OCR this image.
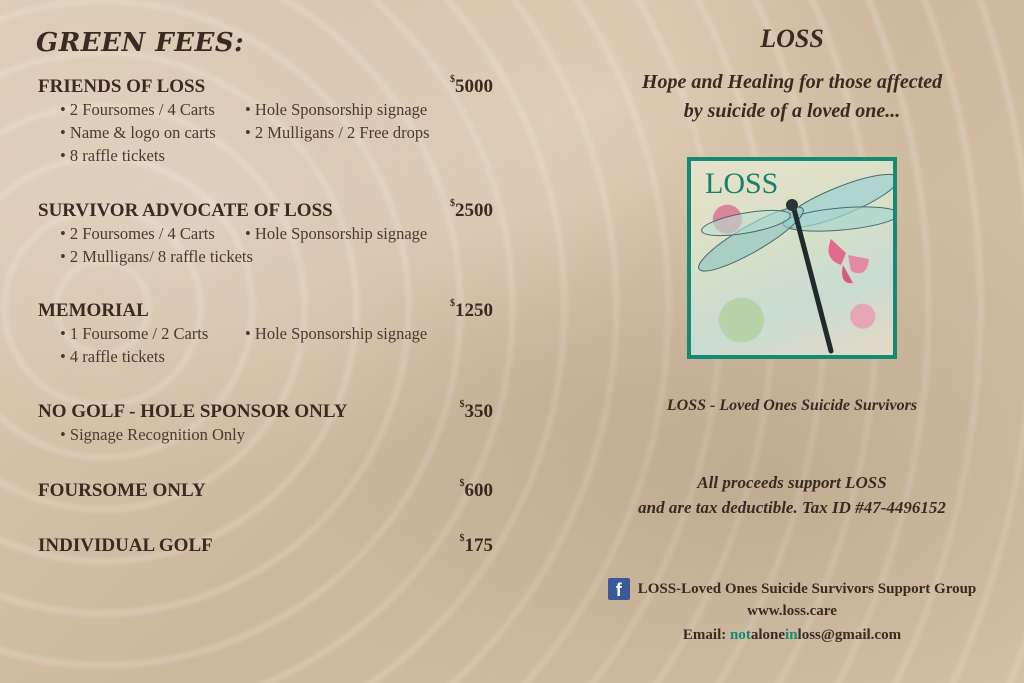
GREEN FEES:
FRIENDS OF LOSS	$5000
• 2 Foursomes / 4 Carts • Hole Sponsorship signage
• Name & logo on carts • 2 Mulligans / 2 Free drops
• 8 raffle tickets
SURVIVOR ADVOCATE OF LOSS	$2500
• 2 Foursomes / 4 Carts • Hole Sponsorship signage
• 2 Mulligans/ 8 raffle tickets
MEMORIAL	$1250
• 1 Foursome / 2 Carts • Hole Sponsorship signage
• 4 raffle tickets
NO GOLF - HOLE SPONSOR ONLY	$350
• Signage Recognition Only
FOURSOME ONLY	$600
INDIVIDUAL GOLF	$175
LOSS
Hope and Healing for those affected
by suicide of a loved one...
LOSS
LOSS - Loved Ones Suicide Survivors
All proceeds support LOSS
and are tax deductible. Tax ID #47-4496152
f	LOSS-Loved Ones Suicide Survivors Support Group
www.loss.care
Email: notaloneinloss@gmail.com
